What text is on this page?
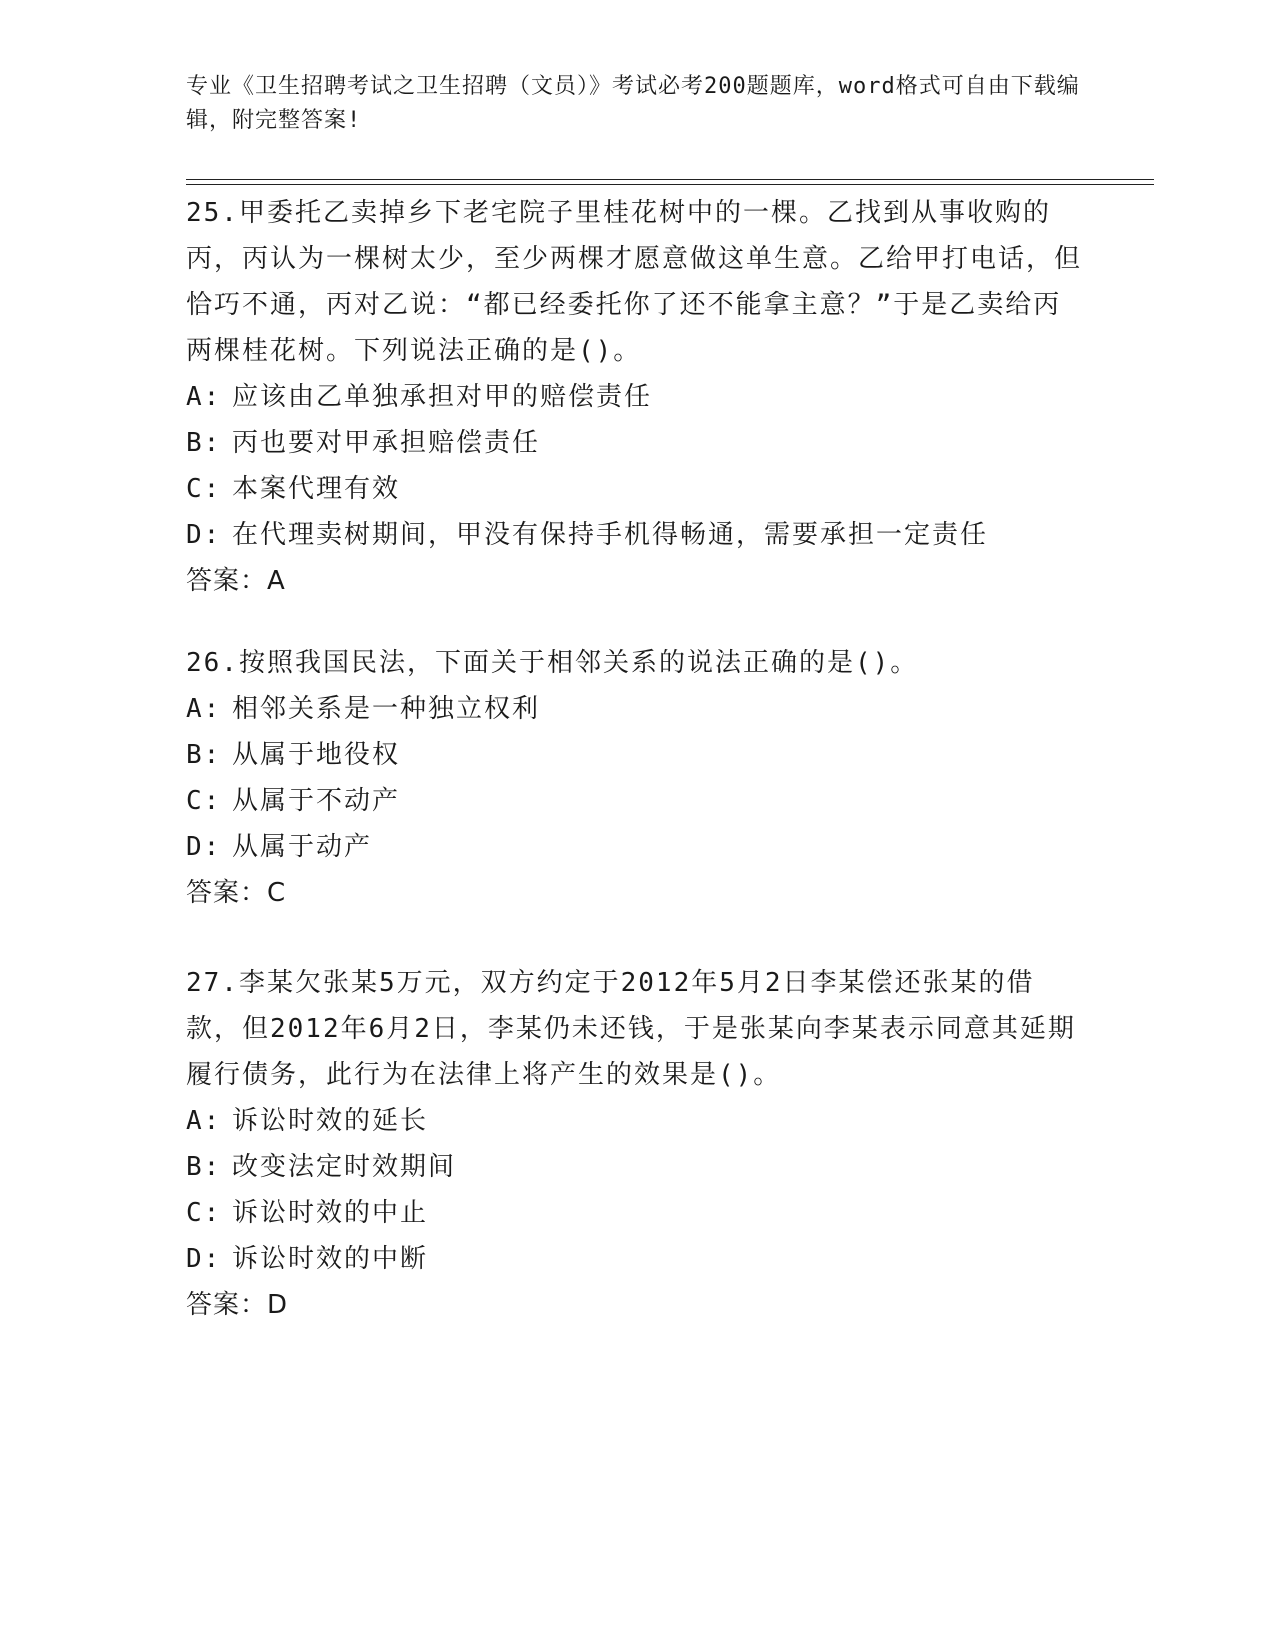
专业《卫生招聘考试之卫生招聘（文员）》考试必考200题题库，word格式可自由下载编辑，附完整答案!

25.甲委托乙卖掉乡下老宅院子里桂花树中的一棵。乙找到从事收购的丙，丙认为一棵树太少，至少两棵才愿意做这单生意。乙给甲打电话，但恰巧不通，丙对乙说：“都已经委托你了还不能拿主意？”于是乙卖给丙两棵桂花树。下列说法正确的是()。

A: 应该由乙单独承担对甲的赔偿责任
B: 丙也要对甲承担赔偿责任
C: 本案代理有效
D: 在代理卖树期间，甲没有保持手机得畅通，需要承担一定责任

答案：A

26.按照我国民法，下面关于相邻关系的说法正确的是()。

A: 相邻关系是一种独立权利
B: 从属于地役权
C: 从属于不动产
D: 从属于动产

答案：C

27.李某欠张某5万元，双方约定于2012年5月2日李某偿还张某的借款，但2012年6月2日，李某仍未还钱，于是张某向李某表示同意其延期履行债务，此行为在法律上将产生的效果是()。

A: 诉讼时效的延长
B: 改变法定时效期间
C: 诉讼时效的中止
D: 诉讼时效的中断

答案：D
